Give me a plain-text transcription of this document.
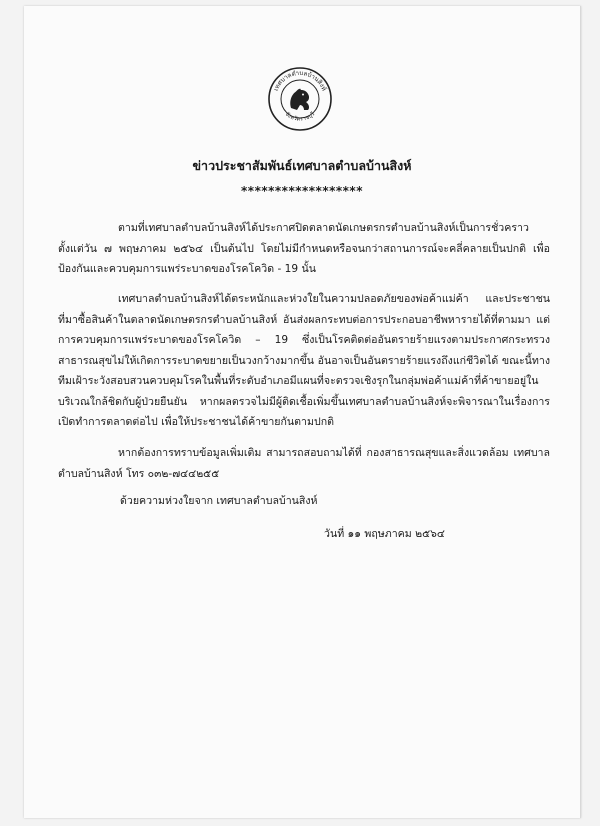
เทศบาลตำบลบ้านสิงห์
จังหวัดราชบุรี
ข่าวประชาสัมพันธ์เทศบาลตำบลบ้านสิงห์
******************

ตามที่เทศบาลตำบลบ้านสิงห์ได้ประกาศปิดตลาดนัดเกษตรกรตำบลบ้านสิงห์เป็นการชั่วคราว ตั้งแต่วัน ๗ พฤษภาคม ๒๕๖๔ เป็นต้นไป โดยไม่มีกำหนดหรือจนกว่าสถานการณ์จะคลี่คลายเป็นปกติ เพื่อป้องกันและควบคุมการแพร่ระบาดของโรคโควิด - 19 นั้น

เทศบาลตำบลบ้านสิงห์ได้ตระหนักและห่วงใยในความปลอดภัยของพ่อค้าแม่ค้า และประชาชนที่มาซื้อสินค้าในตลาดนัดเกษตรกรตำบลบ้านสิงห์ อันส่งผลกระทบต่อการประกอบอาชีพหารายได้ที่ตามมา แต่การควบคุมการแพร่ระบาดของโรคโควิด – 19 ซึ่งเป็นโรคติดต่ออันตรายร้ายแรงตามประกาศกระทรวงสาธารณสุขไม่ให้เกิดการระบาดขยายเป็นวงกว้างมากขึ้น อันอาจเป็นอันตรายร้ายแรงถึงแก่ชีวิตได้ ขณะนี้ทางทีมเฝ้าระวังสอบสวนควบคุมโรคในพื้นที่ระดับอำเภอมีแผนที่จะตรวจเชิงรุกในกลุ่มพ่อค้าแม่ค้าที่ค้าขายอยู่ในบริเวณใกล้ชิดกับผู้ป่วยยืนยัน หากผลตรวจไม่มีผู้ติดเชื้อเพิ่มขึ้นเทศบาลตำบลบ้านสิงห์จะพิจารณาในเรื่องการเปิดทำการตลาดต่อไป เพื่อให้ประชาชนได้ค้าขายกันตามปกติ

หากต้องการทราบข้อมูลเพิ่มเติม สามารถสอบถามได้ที่ กองสาธารณสุขและสิ่งแวดล้อม เทศบาลตำบลบ้านสิงห์ โทร ๐๓๒-๗๔๔๒๕๕

ด้วยความห่วงใยจาก เทศบาลตำบลบ้านสิงห์
วันที่ ๑๑ พฤษภาคม ๒๕๖๔
